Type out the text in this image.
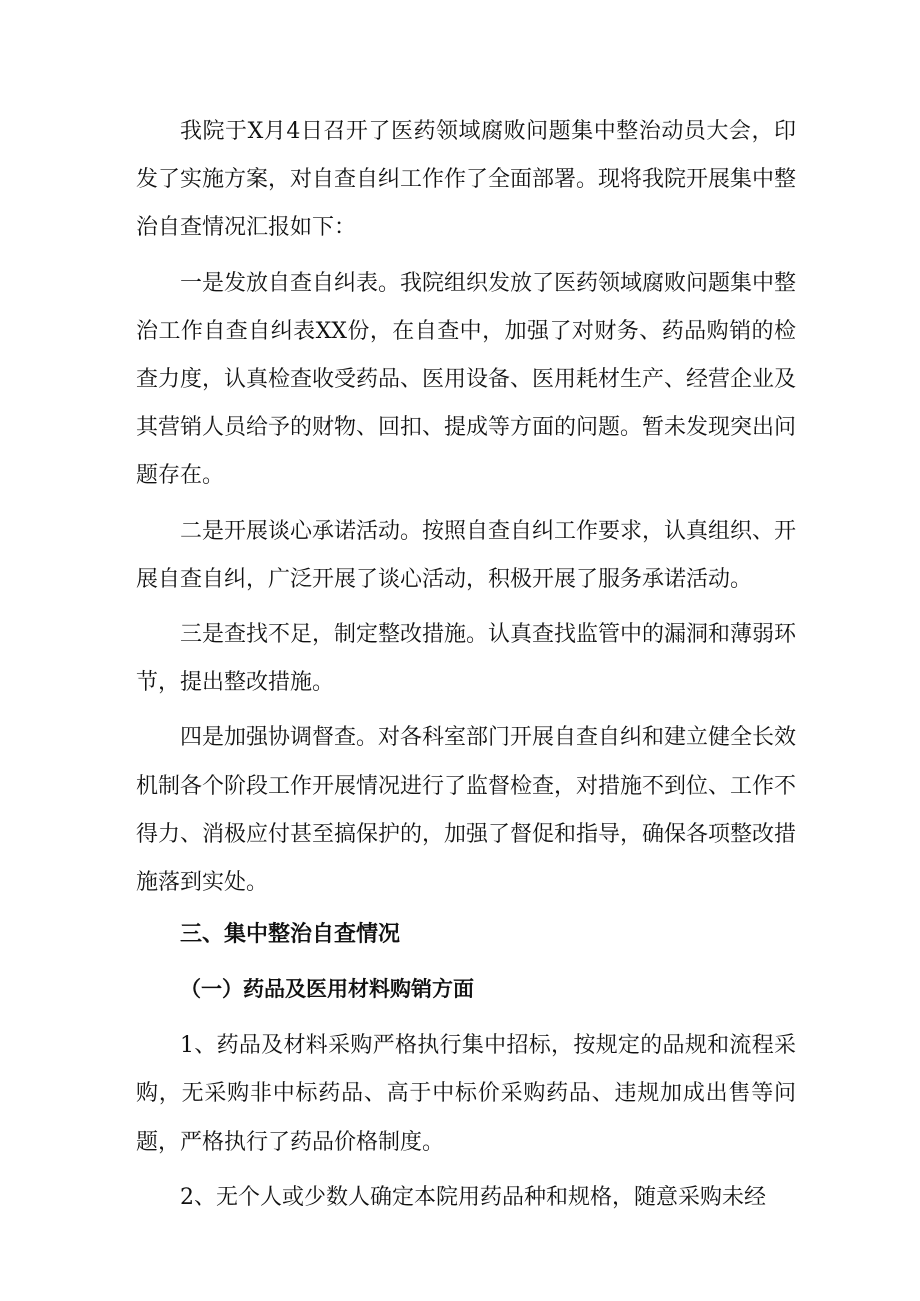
我院于X月4日召开了医药领域腐败问题集中整治动员大会，印发了实施方案，对自查自纠工作作了全面部署。现将我院开展集中整治自查情况汇报如下：

一是发放自查自纠表。我院组织发放了医药领域腐败问题集中整治工作自查自纠表XX份，在自查中，加强了对财务、药品购销的检查力度，认真检查收受药品、医用设备、医用耗材生产、经营企业及其营销人员给予的财物、回扣、提成等方面的问题。暂未发现突出问题存在。

二是开展谈心承诺活动。按照自查自纠工作要求，认真组织、开展自查自纠，广泛开展了谈心活动，积极开展了服务承诺活动。

三是查找不足，制定整改措施。认真查找监管中的漏洞和薄弱环节，提出整改措施。

四是加强协调督查。对各科室部门开展自查自纠和建立健全长效机制各个阶段工作开展情况进行了监督检查，对措施不到位、工作不得力、消极应付甚至搞保护的，加强了督促和指导，确保各项整改措施落到实处。

三、集中整治自查情况
（一）药品及医用材料购销方面

1、药品及材料采购严格执行集中招标，按规定的品规和流程采购，无采购非中标药品、高于中标价采购药品、违规加成出售等问题，严格执行了药品价格制度。

2、无个人或少数人确定本院用药品种和规格，随意采购未经
